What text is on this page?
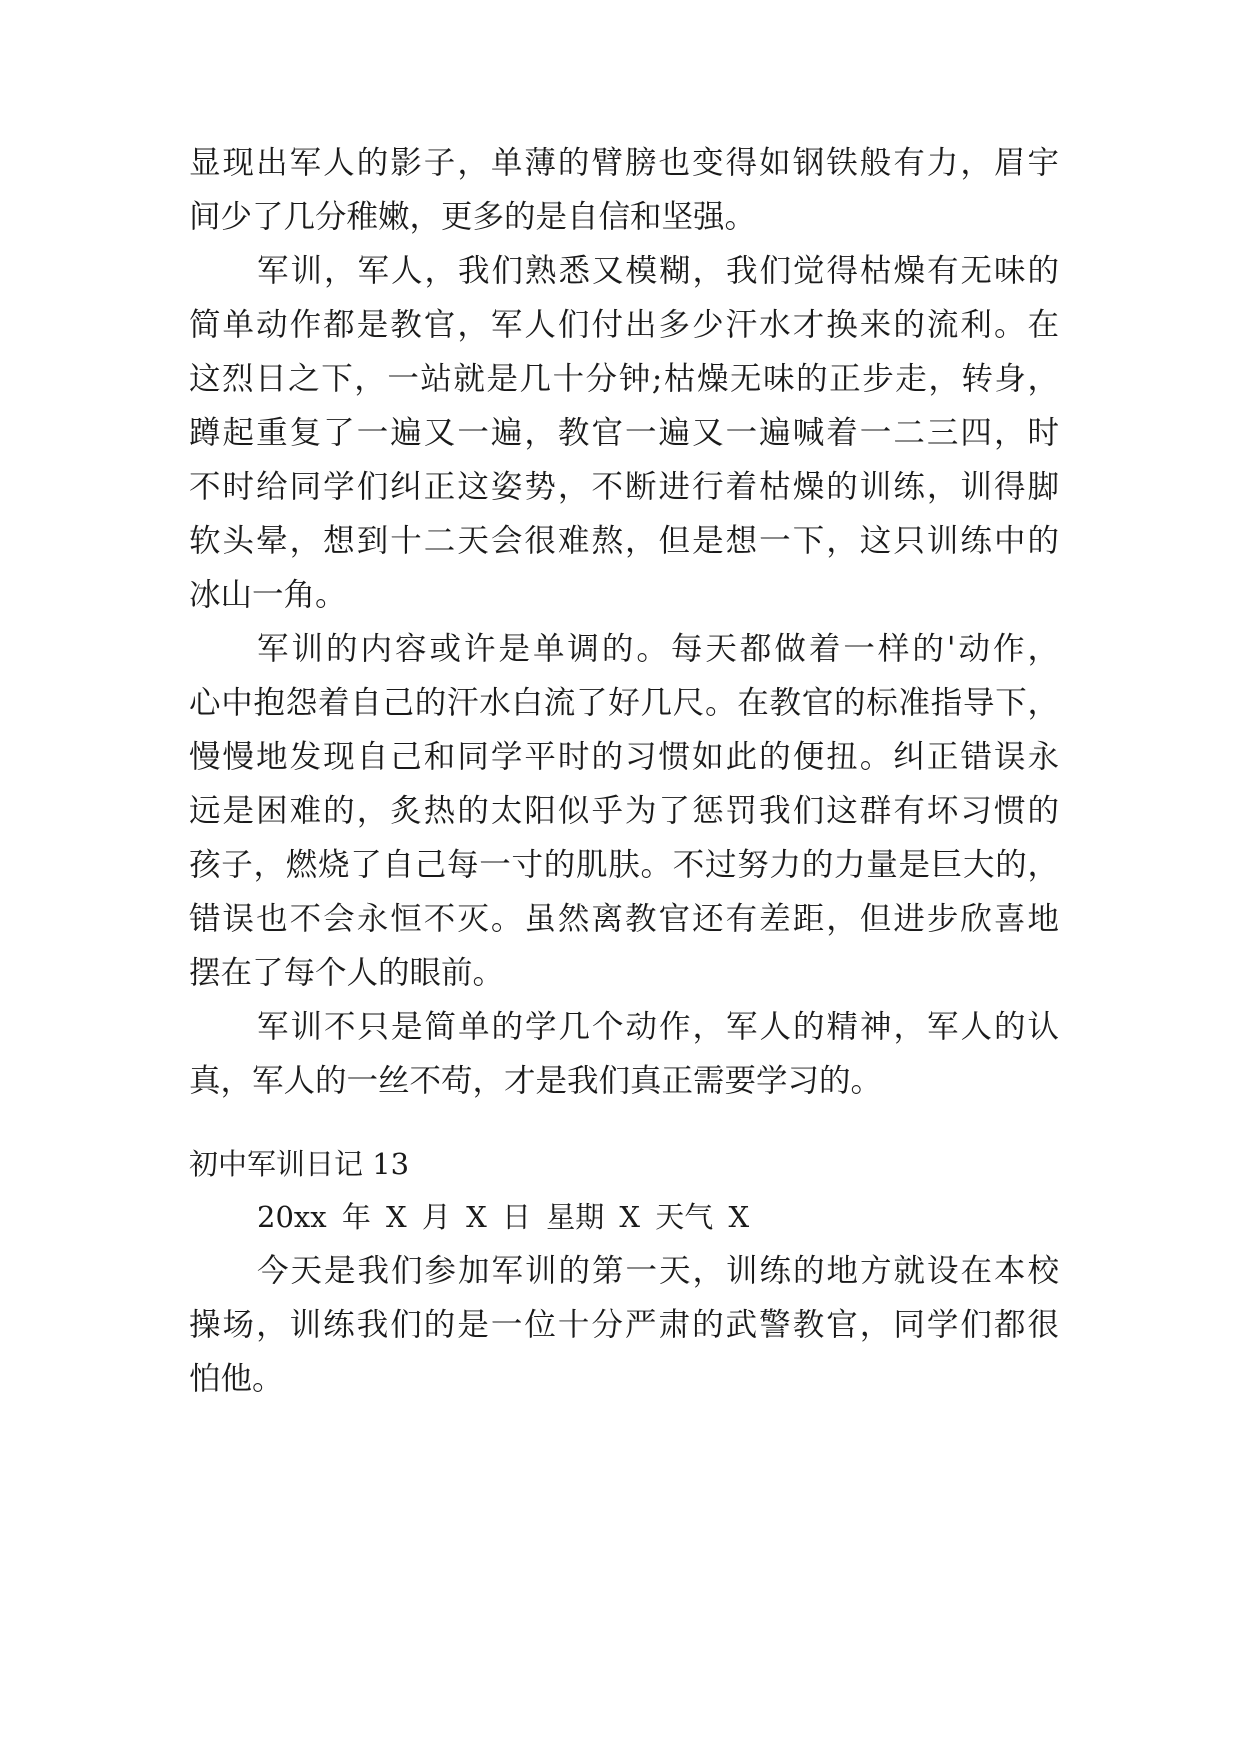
显现出军人的影子，单薄的臂膀也变得如钢铁般有力，眉宇
间少了几分稚嫩，更多的是自信和坚强。
军训，军人，我们熟悉又模糊，我们觉得枯燥有无味的
简单动作都是教官，军人们付出多少汗水才换来的流利。在
这烈日之下，一站就是几十分钟;枯燥无味的正步走，转身，
蹲起重复了一遍又一遍，教官一遍又一遍喊着一二三四，时
不时给同学们纠正这姿势，不断进行着枯燥的训练，训得脚
软头晕，想到十二天会很难熬，但是想一下，这只训练中的
冰山一角。
军训的内容或许是单调的。每天都做着一样的'动作，
心中抱怨着自己的汗水白流了好几尺。在教官的标准指导下，
慢慢地发现自己和同学平时的习惯如此的便扭。纠正错误永
远是困难的，炙热的太阳似乎为了惩罚我们这群有坏习惯的
孩子，燃烧了自己每一寸的肌肤。不过努力的力量是巨大的，
错误也不会永恒不灭。虽然离教官还有差距，但进步欣喜地
摆在了每个人的眼前。
军训不只是简单的学几个动作，军人的精神，军人的认
真，军人的一丝不苟，才是我们真正需要学习的。
初中军训日记 13
20xx 年 X 月 X 日 星期 X 天气 X
今天是我们参加军训的第一天，训练的地方就设在本校
操场，训练我们的是一位十分严肃的武警教官，同学们都很
怕他。
